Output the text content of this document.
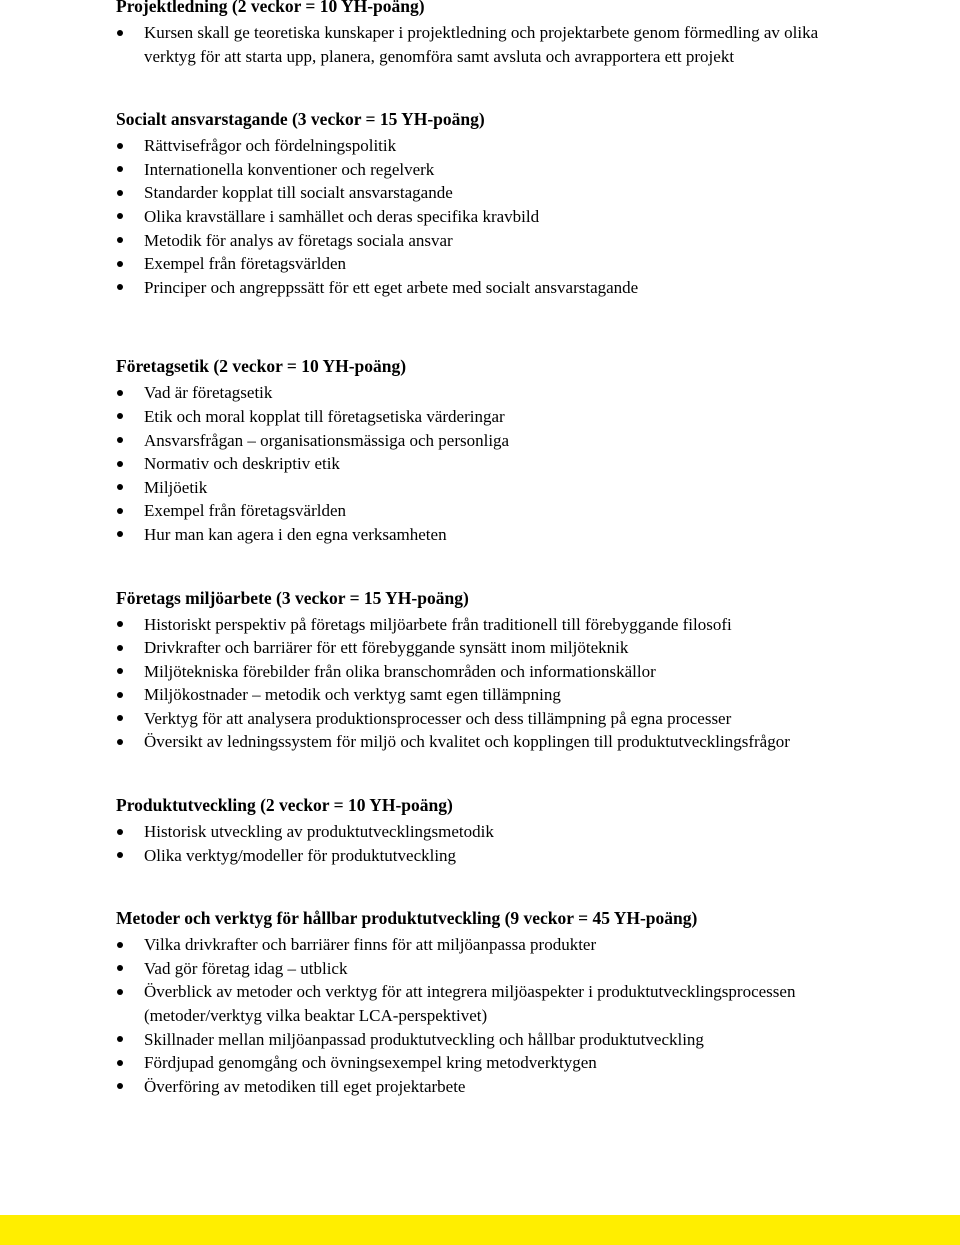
Projektledning (2 veckor = 10 YH-poäng)
Kursen skall ge teoretiska kunskaper i projektledning och projektarbete genom förmedling av olika verktyg för att starta upp, planera, genomföra samt avsluta och avrapportera ett projekt
Socialt ansvarstagande (3 veckor = 15 YH-poäng)
Rättvisefrågor och fördelningspolitik
Internationella konventioner och regelverk
Standarder kopplat till socialt ansvarstagande
Olika kravställare i samhället och deras specifika kravbild
Metodik för analys av företags sociala ansvar
Exempel från företagsvärlden
Principer och angreppssätt för ett eget arbete med socialt ansvarstagande
Företagsetik (2 veckor = 10 YH-poäng)
Vad är företagsetik
Etik och moral kopplat till företagsetiska värderingar
Ansvarsfrågan – organisationsmässiga och personliga
Normativ och deskriptiv etik
Miljöetik
Exempel från företagsvärlden
Hur man kan agera i den egna verksamheten
Företags miljöarbete (3 veckor = 15 YH-poäng)
Historiskt perspektiv på företags miljöarbete från traditionell till förebyggande filosofi
Drivkrafter och barriärer för ett förebyggande synsätt inom miljöteknik
Miljötekniska förebilder från olika branschområden och informationskällor
Miljökostnader – metodik och verktyg samt egen tillämpning
Verktyg för att analysera produktionsprocesser och dess tillämpning på egna processer
Översikt av ledningssystem för miljö och kvalitet och kopplingen till produktutvecklingsfrågor
Produktutveckling (2 veckor = 10 YH-poäng)
Historisk utveckling av produktutvecklingsmetodik
Olika verktyg/modeller för produktutveckling
Metoder och verktyg för hållbar produktutveckling (9 veckor = 45 YH-poäng)
Vilka drivkrafter och barriärer finns för att miljöanpassa produkter
Vad gör företag idag – utblick
Överblick av metoder och verktyg för att integrera miljöaspekter i produktutvecklingsprocessen (metoder/verktyg vilka beaktar LCA-perspektivet)
Skillnader mellan miljöanpassad produktutveckling och hållbar produktutveckling
Fördjupad genomgång och övningsexempel kring metodverktygen
Överföring av metodiken till eget projektarbete
